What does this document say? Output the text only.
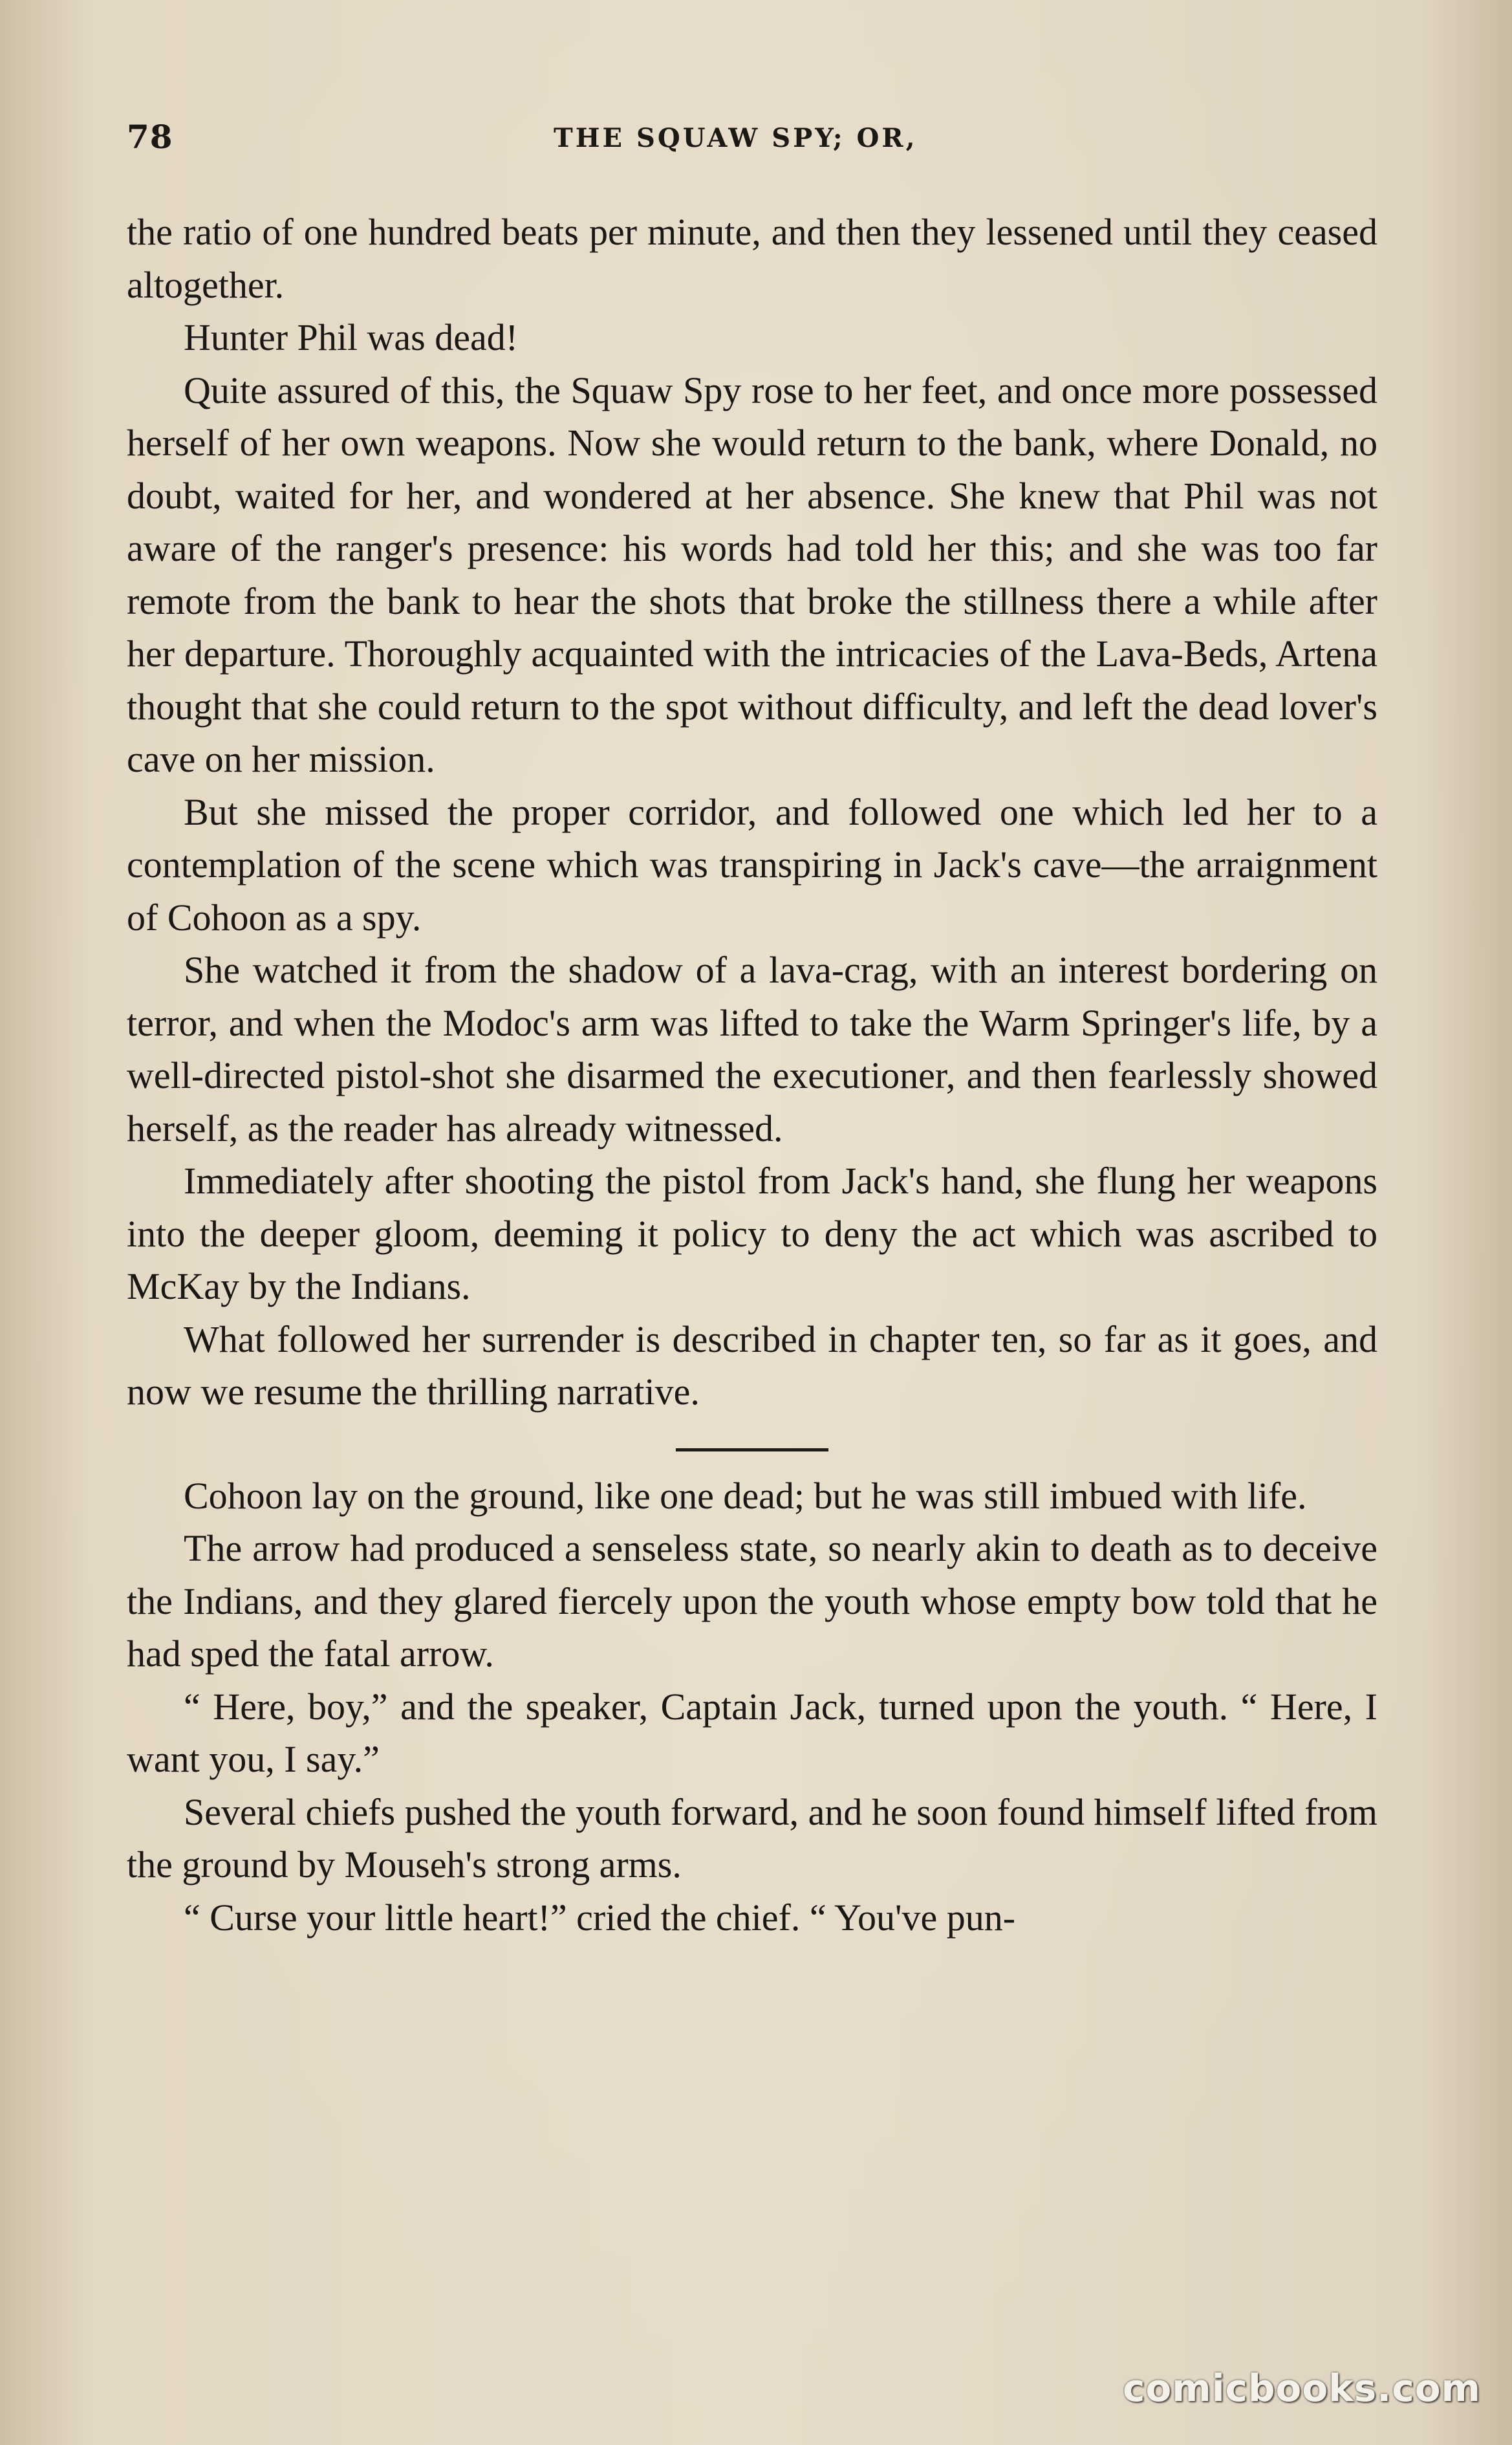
78	THE SQUAW SPY; OR,

the ratio of one hundred beats per minute, and then they lessened until they ceased altogether.

Hunter Phil was dead!

Quite assured of this, the Squaw Spy rose to her feet, and once more possessed herself of her own weapons. Now she would return to the bank, where Donald, no doubt, waited for her, and wondered at her absence. She knew that Phil was not aware of the ranger's presence: his words had told her this; and she was too far remote from the bank to hear the shots that broke the stillness there a while after her departure. Thoroughly acquainted with the intricacies of the Lava-Beds, Artena thought that she could return to the spot without difficulty, and left the dead lover's cave on her mission.

But she missed the proper corridor, and followed one which led her to a contemplation of the scene which was transpiring in Jack's cave—the arraignment of Cohoon as a spy.

She watched it from the shadow of a lava-crag, with an interest bordering on terror, and when the Modoc's arm was lifted to take the Warm Springer's life, by a well-directed pistol-shot she disarmed the executioner, and then fearlessly showed herself, as the reader has already witnessed.

Immediately after shooting the pistol from Jack's hand, she flung her weapons into the deeper gloom, deeming it policy to deny the act which was ascribed to McKay by the Indians.

What followed her surrender is described in chapter ten, so far as it goes, and now we resume the thrilling narrative.

Cohoon lay on the ground, like one dead; but he was still imbued with life.

The arrow had produced a senseless state, so nearly akin to death as to deceive the Indians, and they glared fiercely upon the youth whose empty bow told that he had sped the fatal arrow.

“ Here, boy,” and the speaker, Captain Jack, turned upon the youth. “ Here, I want you, I say.”

Several chiefs pushed the youth forward, and he soon found himself lifted from the ground by Mouseh's strong arms.

“ Curse your little heart!” cried the chief. “ You've pun-

comicbooks.com
